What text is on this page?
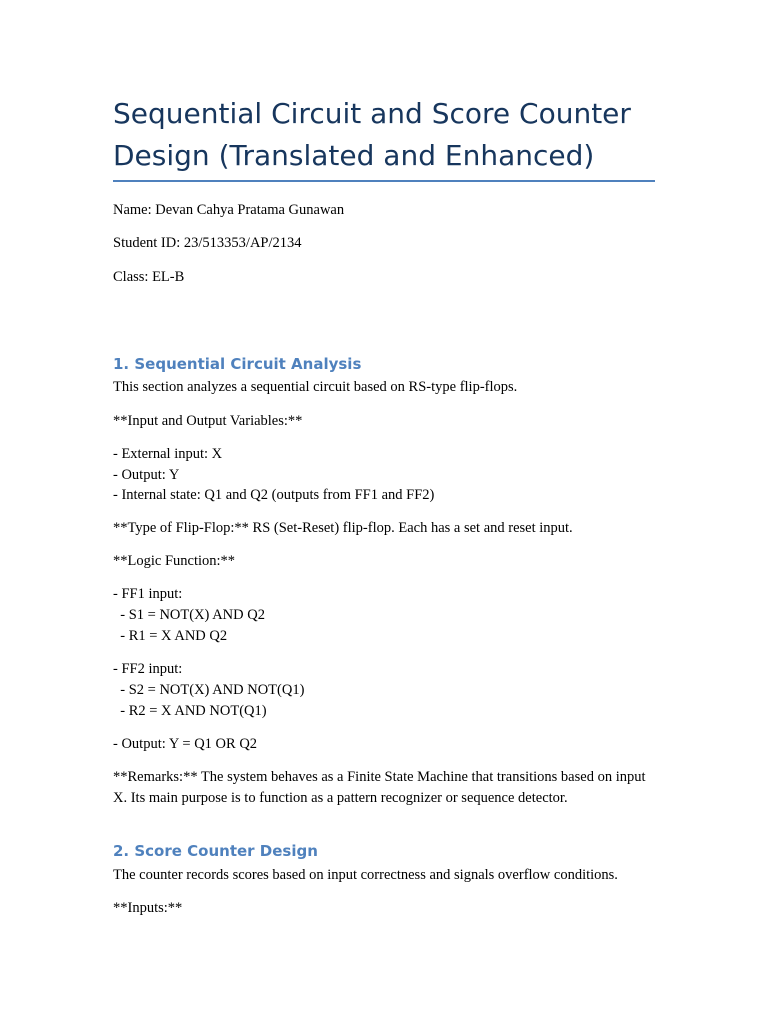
Sequential Circuit and Score Counter Design (Translated and Enhanced)

Name: Devan Cahya Pratama Gunawan

Student ID: 23/513353/AP/2134

Class: EL-B

1. Sequential Circuit Analysis

This section analyzes a sequential circuit based on RS-type flip-flops.

**Input and Output Variables:**

- External input: X

- Output: Y

- Internal state: Q1 and Q2 (outputs from FF1 and FF2)

**Type of Flip-Flop:** RS (Set-Reset) flip-flop. Each has a set and reset input.

**Logic Function:**

- FF1 input:

- S1 = NOT(X) AND Q2

- R1 = X AND Q2

- FF2 input:

- S2 = NOT(X) AND NOT(Q1)

- R2 = X AND NOT(Q1)

- Output: Y = Q1 OR Q2

**Remarks:** The system behaves as a Finite State Machine that transitions based on input X. Its main purpose is to function as a pattern recognizer or sequence detector.

2. Score Counter Design

The counter records scores based on input correctness and signals overflow conditions.

**Inputs:**
